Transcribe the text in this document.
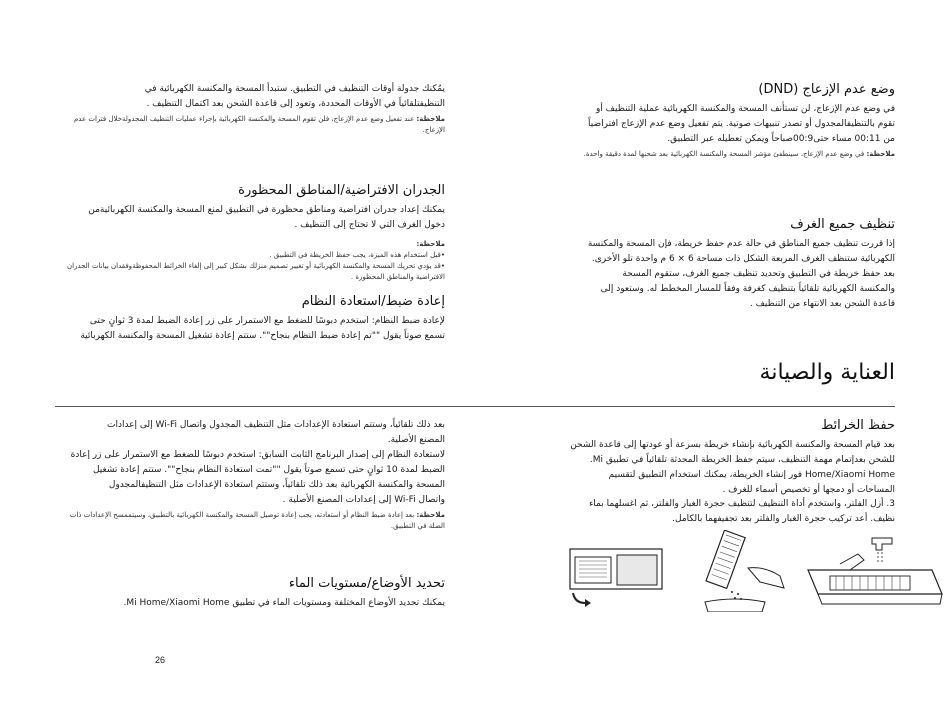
وضع عدم الإزعاج (DND)

في وضع عدم الإزعاج، لن تستأنف المسحة والمكنسة الكهربائية عملية التنظيف أو

تقوم بالتنظيفالمجدول أو تصدر تنبيهات صوتية. يتم تفعيل وضع عدم الإزعاج افتراضياً

من 00:11 مساء حتى00:9صباحاً ويمكن تعطيله عبر التطبيق.

ملاحظة: في وضع عدم الإزعاج، سينطفئ مؤشر المسحة والمكنسة الكهربائية بعد شحنها لمدة دقيقة واحدة.

تنظيف جميع الغرف

إذا قررت تنظيف جميع المناطق في حالة عدم حفظ خريطة، فإن المسحة والمكنسة

الكهربائية ستنظف الغرف المربعة الشكل ذات مساحة 6 × 6 م واحدة تلو الأخرى.

بعد حفظ خريطة في التطبيق وتحديد تنظيف جميع الغرف، ستقوم المسحة

والمكنسة الكهربائية تلقائياً بتنظيف كغرفة وفقاً للمسار المخطط له. وستعود إلى

قاعدة الشحن بعد الانتهاء من التنظيف .

يمُكنك جدولة أوقات التنظيف في التطبيق. ستبدأ المسحة والمكنسة الكهربائية في

التنظيفتلقائياً في الأوقات المحددة، وتعود إلى قاعدة الشحن بعد اكتمال التنظيف .

ملاحظة: عند تفعيل وضع عدم الإزعاج، فلن تقوم المسحة والمكنسة الكهربائية بإجراء عمليات التنظيف المجدولةخلال فترات عدم الإزعاج.

الجدران الافتراضية/المناطق المحظورة

يمكنك إعداد جدران افتراضية ومناطق محظورة في التطبيق لمنع المسحة والمكنسة الكهربائيةمن

دخول الغرف التي لا تحتاج إلى التنظيف .

ملاحظة:

•قبل استخدام هذه الميزة، يجب حفظ الخريطة في التطبيق .

•قد يؤدي تحريك المسحة والمكنسة الكهربائية أو تغيير تصميم منزلك بشكل كبير إلى إلغاء الخرائط المحفوظةوفقدان بيانات الجدران الافتراضية والمناطق المحظورة .

إعادة ضبط/استعادة النظام

لإعادة ضبط النظام: استخدم دبوسًا للضغط مع الاستمرار على زر إعادة الضبط لمدة 3 ثوانٍ حتى

تسمع صوتاً يقول ""تم إعادة ضبط النظام بنجاح"". ستتم إعادة تشغيل المسحة والمكنسة الكهربائية

العناية والصيانة
حفظ الخرائط

بعد قيام المسحة والمكنسة الكهربائية بإنشاء خريطة بسرعة أو عودتها إلى قاعدة الشحن

للشحن بعدإتمام مهمة التنظيف، سيتم حفظ الخريطة المحدثة تلقائياً في تطبيق Mi.

Home/Xiaomi Home فور إنشاء الخريطة، يمكنك استخدام التطبيق لتقسيم

المساحات أو دمجها أو تخصيص أسماء للغرف .

3. أزل الفلتر، واستخدم أداة التنظيف لتنظيف حجرة الغبار والفلتر، ثم اغسلهما بماء

نظيف. أعد تركيب حجرة الغبار والفلتر بعد تجفيفهما بالكامل.

بعد ذلك تلقائياً، وستتم استعادة الإعدادات مثل التنظيف المجدول واتصال Wi-Fi إلى إعدادات

المصنع الأصلية.

لاستعادة النظام إلى إصدار البرنامج الثابت السابق: استخدم دبوسًا للضغط مع الاستمرار على زر إعادة

الضبط لمدة 10 ثوانٍ حتى تسمع صوتاً يقول ""تمت استعادة النظام بنجاح"". ستتم إعادة تشغيل

المسحة والمكنسة الكهربائية بعد ذلك تلقائياً، وستتم استعادة الإعدادات مثل التنظيفالمجدول

واتصال Wi-Fi إلى إعدادات المصنع الأصلية .

ملاحظة: بعد إعادة ضبط النظام أو استعادته، يجب إعادة توصيل المسحة والمكنسة الكهربائية بالتطبيق، وسيتممسح الإعدادات ذات الصلة في التطبيق.

تحديد الأوضاع/مستويات الماء

يمكنك تحديد الأوضاع المختلفة ومستويات الماء في تطبيق Mi Home/Xiaomi Home.

26
